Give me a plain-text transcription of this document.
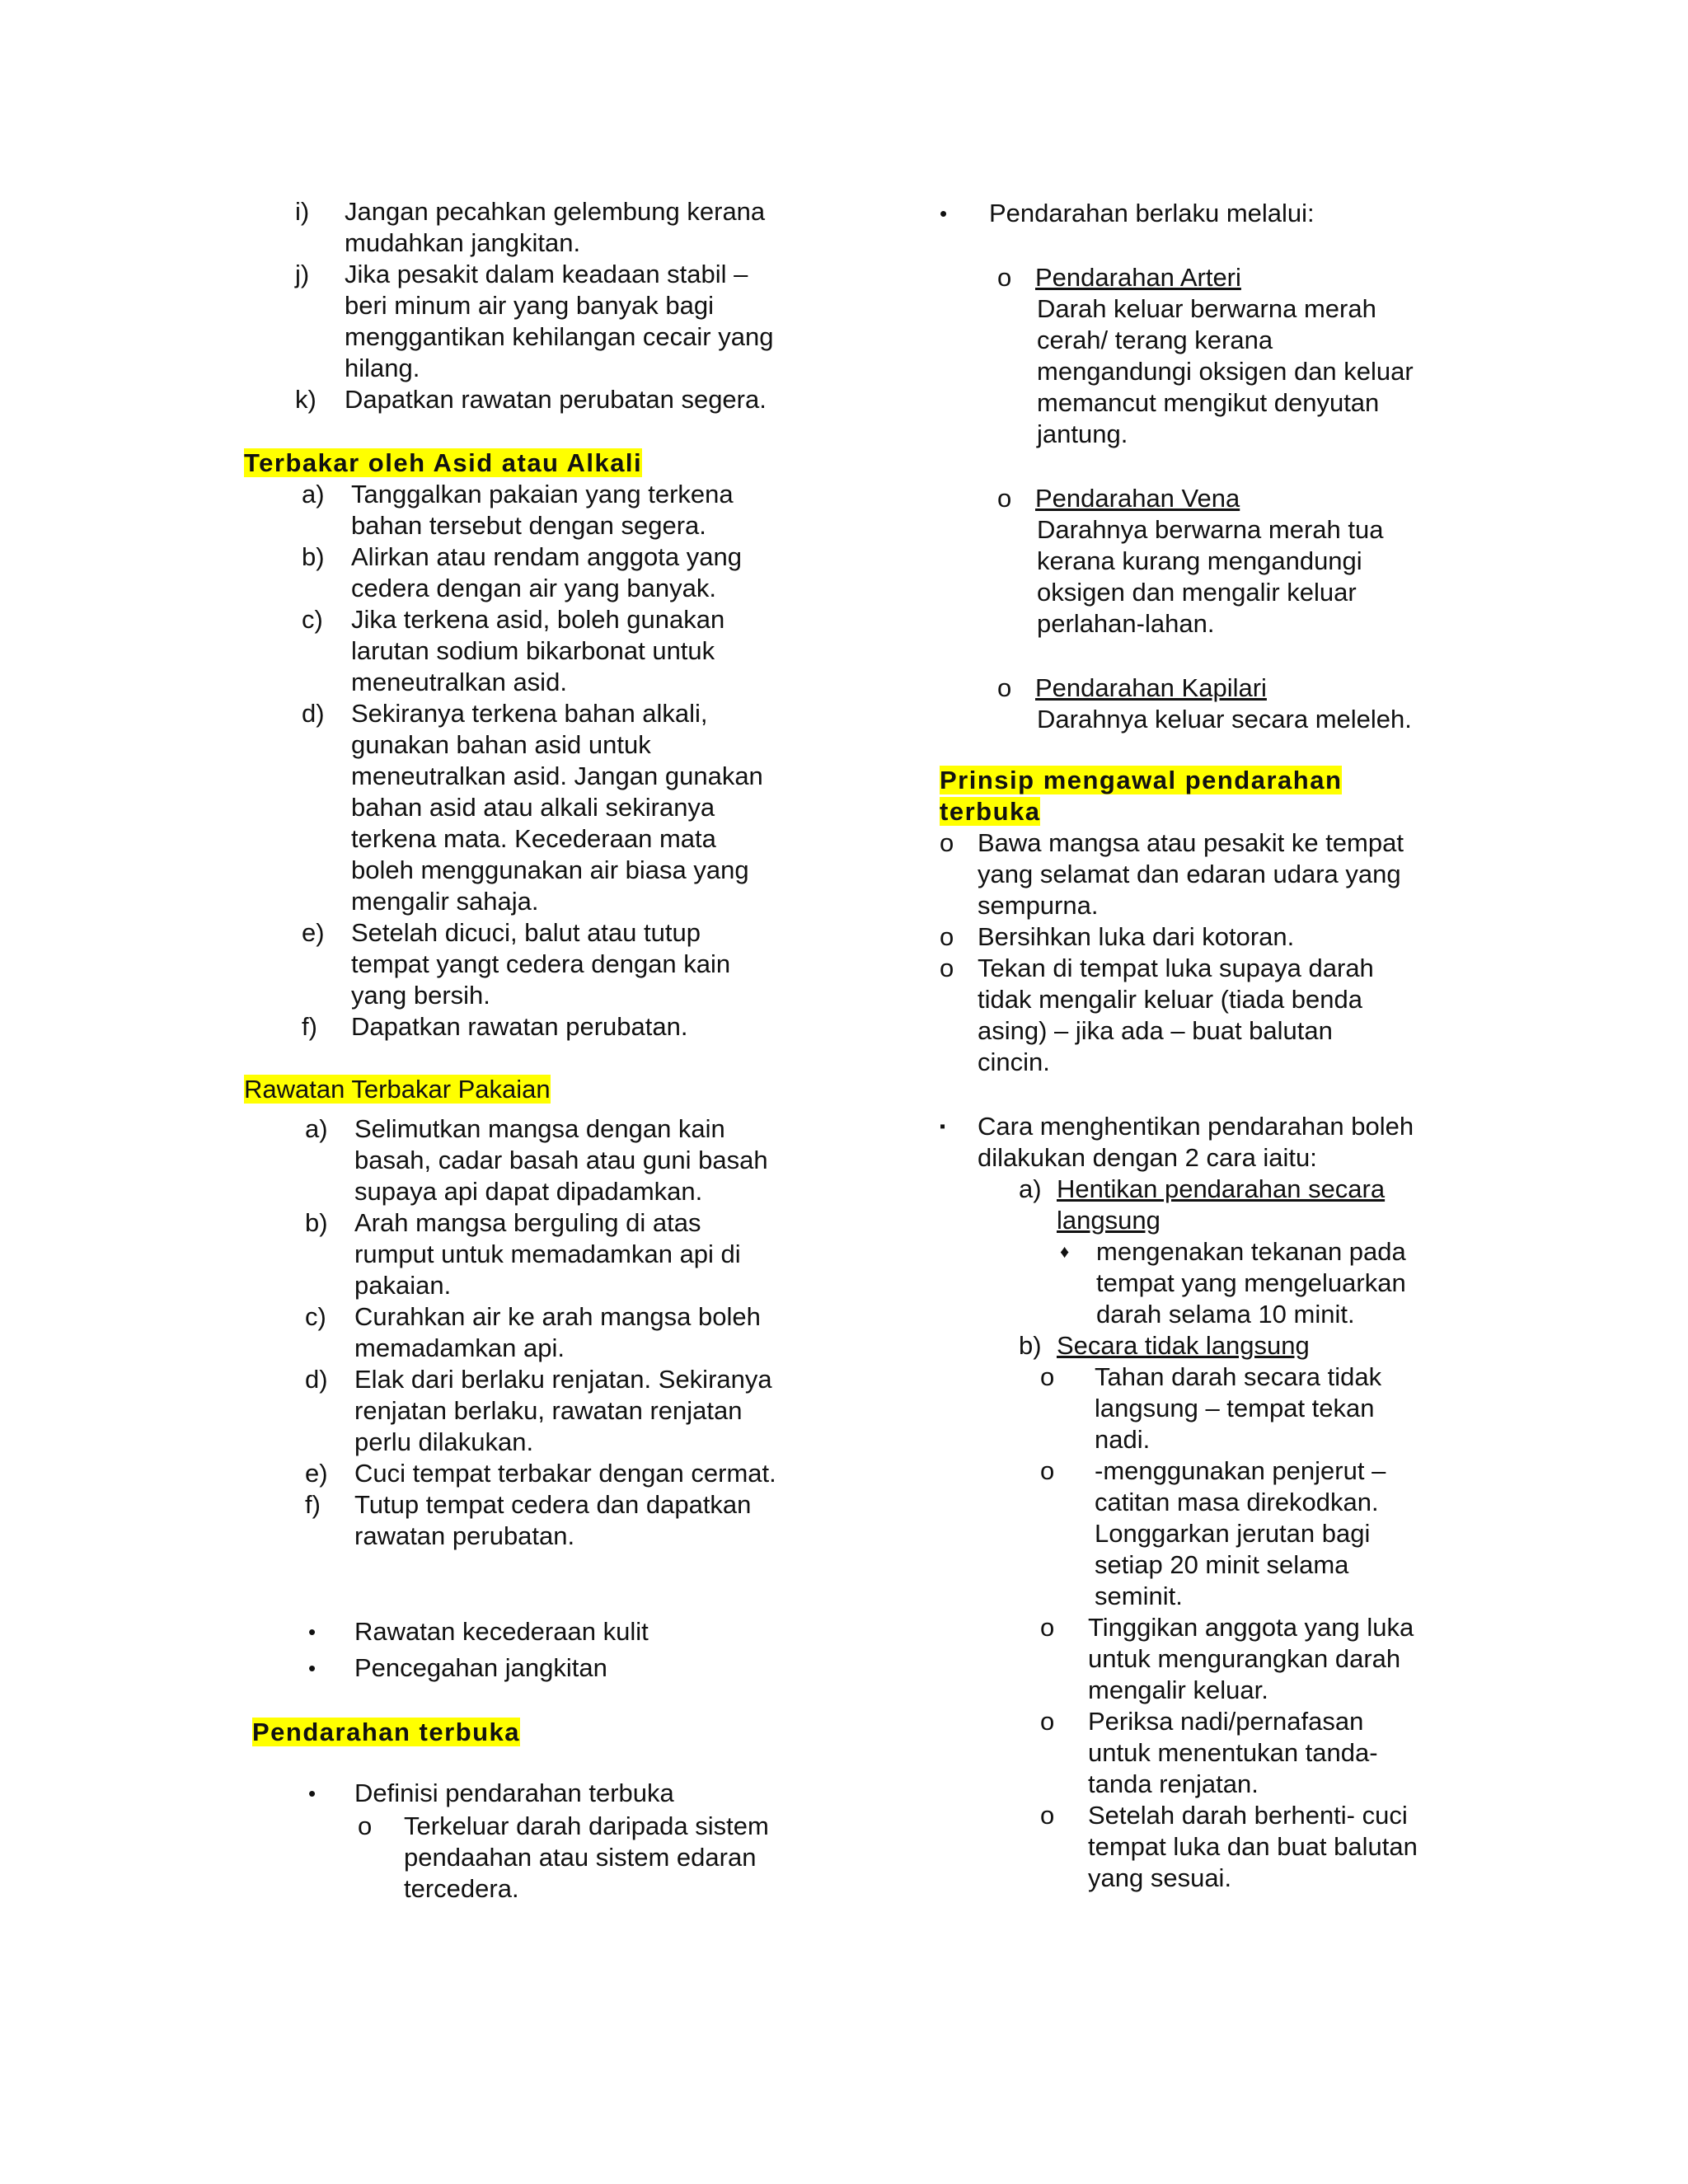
i)	Jangan pecahkan gelembung kerana mudahkan jangkitan.
j)	Jika pesakit dalam keadaan stabil – beri minum air yang banyak bagi menggantikan kehilangan cecair yang hilang.
k)	Dapatkan rawatan perubatan segera.
Terbakar oleh Asid atau Alkali
a)	Tanggalkan pakaian yang terkena bahan tersebut dengan segera.
b)	Alirkan atau rendam anggota yang cedera dengan air yang banyak.
c)	Jika terkena asid, boleh gunakan larutan sodium bikarbonat untuk meneutralkan asid.
d)	Sekiranya terkena bahan alkali, gunakan bahan asid untuk meneutralkan asid. Jangan gunakan bahan asid atau alkali sekiranya terkena mata. Kecederaan mata boleh menggunakan air biasa yang mengalir sahaja.
e)	Setelah dicuci, balut atau tutup tempat yangt cedera dengan kain yang bersih.
f)	Dapatkan rawatan perubatan.
Rawatan Terbakar Pakaian
a)	Selimutkan mangsa dengan kain basah, cadar basah atau guni basah supaya api dapat dipadamkan.
b)	Arah mangsa berguling di atas rumput untuk memadamkan api di pakaian.
c)	Curahkan air ke arah mangsa boleh memadamkan api.
d)	Elak dari berlaku renjatan. Sekiranya renjatan berlaku, rawatan renjatan perlu dilakukan.
e)	Cuci tempat terbakar dengan cermat.
f)	Tutup tempat cedera dan dapatkan rawatan perubatan.
•	Rawatan kecederaan kulit
•	Pencegahan jangkitan
Pendarahan terbuka
•	Definisi pendarahan terbuka
o	Terkeluar darah daripada sistem pendaahan atau sistem edaran tercedera.
•	Pendarahan berlaku melalui:
o Pendarahan Arteri
Darah keluar berwarna merah cerah/ terang kerana mengandungi oksigen dan keluar memancut mengikut denyutan jantung.
o Pendarahan Vena
Darahnya berwarna merah tua kerana kurang mengandungi oksigen dan mengalir keluar perlahan-lahan.
o Pendarahan Kapilari
Darahnya keluar secara meleleh.
Prinsip mengawal pendarahan terbuka
o Bawa mangsa atau pesakit ke tempat yang selamat dan edaran udara yang sempurna.
o Bersihkan luka dari kotoran.
o Tekan di tempat luka supaya darah tidak mengalir keluar (tiada benda asing) – jika ada – buat balutan cincin.
▪	Cara menghentikan pendarahan boleh dilakukan dengan 2 cara iaitu:
a) Hentikan pendarahan secara langsung
♦	mengenakan tekanan pada tempat yang mengeluarkan darah selama 10 minit.
b) Secara tidak langsung
o	Tahan darah secara tidak langsung – tempat tekan nadi.
o	-menggunakan penjerut – catitan masa direkodkan. Longgarkan jerutan bagi setiap 20 minit selama seminit.
o	Tinggikan anggota yang luka untuk mengurangkan darah mengalir keluar.
o	Periksa nadi/pernafasan untuk menentukan tanda-tanda renjatan.
o	Setelah darah berhenti- cuci tempat luka dan buat balutan yang sesuai.
